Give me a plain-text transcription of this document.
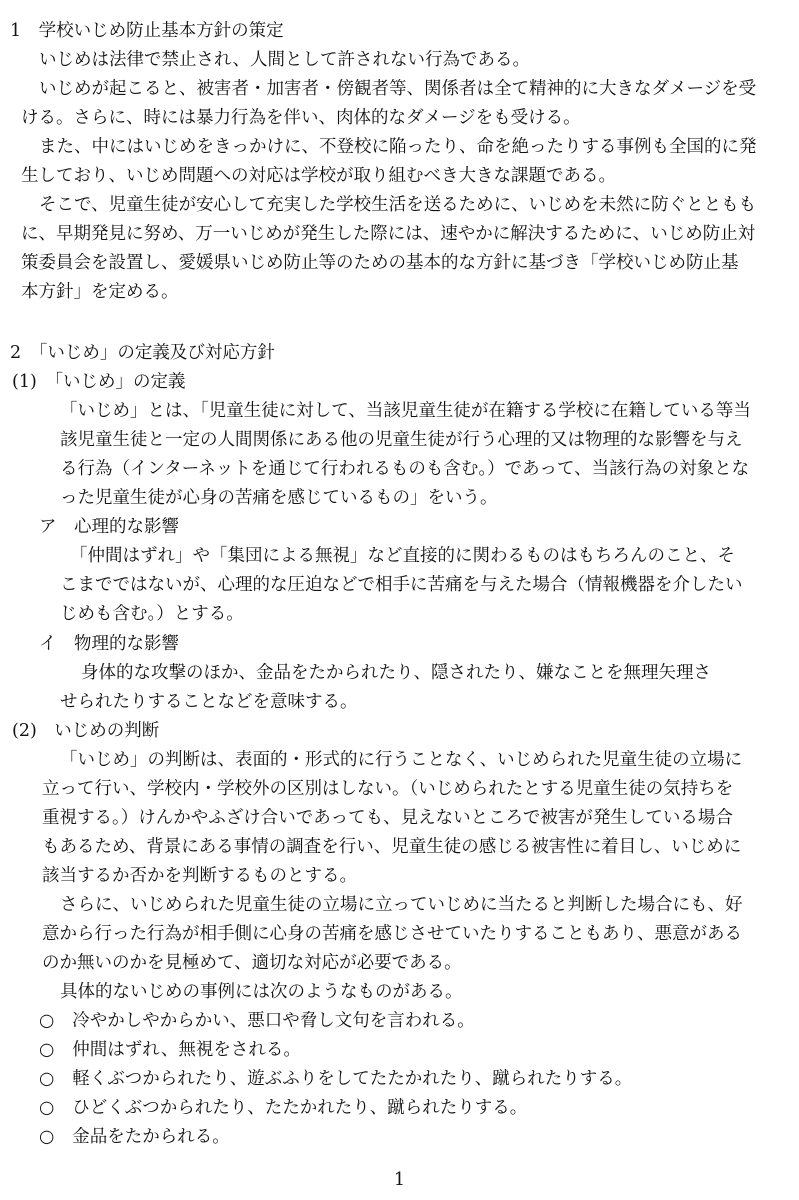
1　学校いじめ防止基本方針の策定

いじめは法律で禁止され、人間として許されない行為である。

いじめが起こると、被害者・加害者・傍観者等、関係者は全て精神的に大きなダメージを受

ける。さらに、時には暴力行為を伴い、肉体的なダメージをも受ける。

また、中にはいじめをきっかけに、不登校に陥ったり、命を絶ったりする事例も全国的に発

生しており、いじめ問題への対応は学校が取り組むべき大きな課題である。

そこで、児童生徒が安心して充実した学校生活を送るために、いじめを未然に防ぐとともも

に、早期発見に努め、万一いじめが発生した際には、速やかに解決するために、いじめ防止対

策委員会を設置し、愛媛県いじめ防止等のための基本的な方針に基づき「学校いじめ防止基

本方針」を定める。

2　「いじめ」の定義及び対応方針

(1)　「いじめ」の定義

「いじめ」とは、「児童生徒に対して、当該児童生徒が在籍する学校に在籍している等当

該児童生徒と一定の人間関係にある他の児童生徒が行う心理的又は物理的な影響を与え

る行為（インターネットを通じて行われるものも含む。）であって、当該行為の対象とな

った児童生徒が心身の苦痛を感じているもの」をいう。

ア　心理的な影響

「仲間はずれ」や「集団による無視」など直接的に関わるものはもちろんのこと、そ

こまでではないが、心理的な圧迫などで相手に苦痛を与えた場合（情報機器を介したい

じめも含む。）とする。

イ　物理的な影響

身体的な攻撃のほか、金品をたかられたり、隠されたり、嫌なことを無理矢理さ

せられたりすることなどを意味する。

(2)　いじめの判断

「いじめ」の判断は、表面的・形式的に行うことなく、いじめられた児童生徒の立場に

立って行い、学校内・学校外の区別はしない。（いじめられたとする児童生徒の気持ちを

重視する。）けんかやふざけ合いであっても、見えないところで被害が発生している場合

もあるため、背景にある事情の調査を行い、児童生徒の感じる被害性に着目し、いじめに

該当するか否かを判断するものとする。

さらに、いじめられた児童生徒の立場に立っていじめに当たると判断した場合にも、好

意から行った行為が相手側に心身の苦痛を感じさせていたりすることもあり、悪意がある

のか無いのかを見極めて、適切な対応が必要である。

具体的ないじめの事例には次のようなものがある。

○ 冷やかしやからかい、悪口や脅し文句を言われる。
○ 仲間はずれ、無視をされる。
○ 軽くぶつかられたり、遊ぶふりをしてたたかれたり、蹴られたりする。
○ ひどくぶつかられたり、たたかれたり、蹴られたりする。
○ 金品をたかられる。
1
